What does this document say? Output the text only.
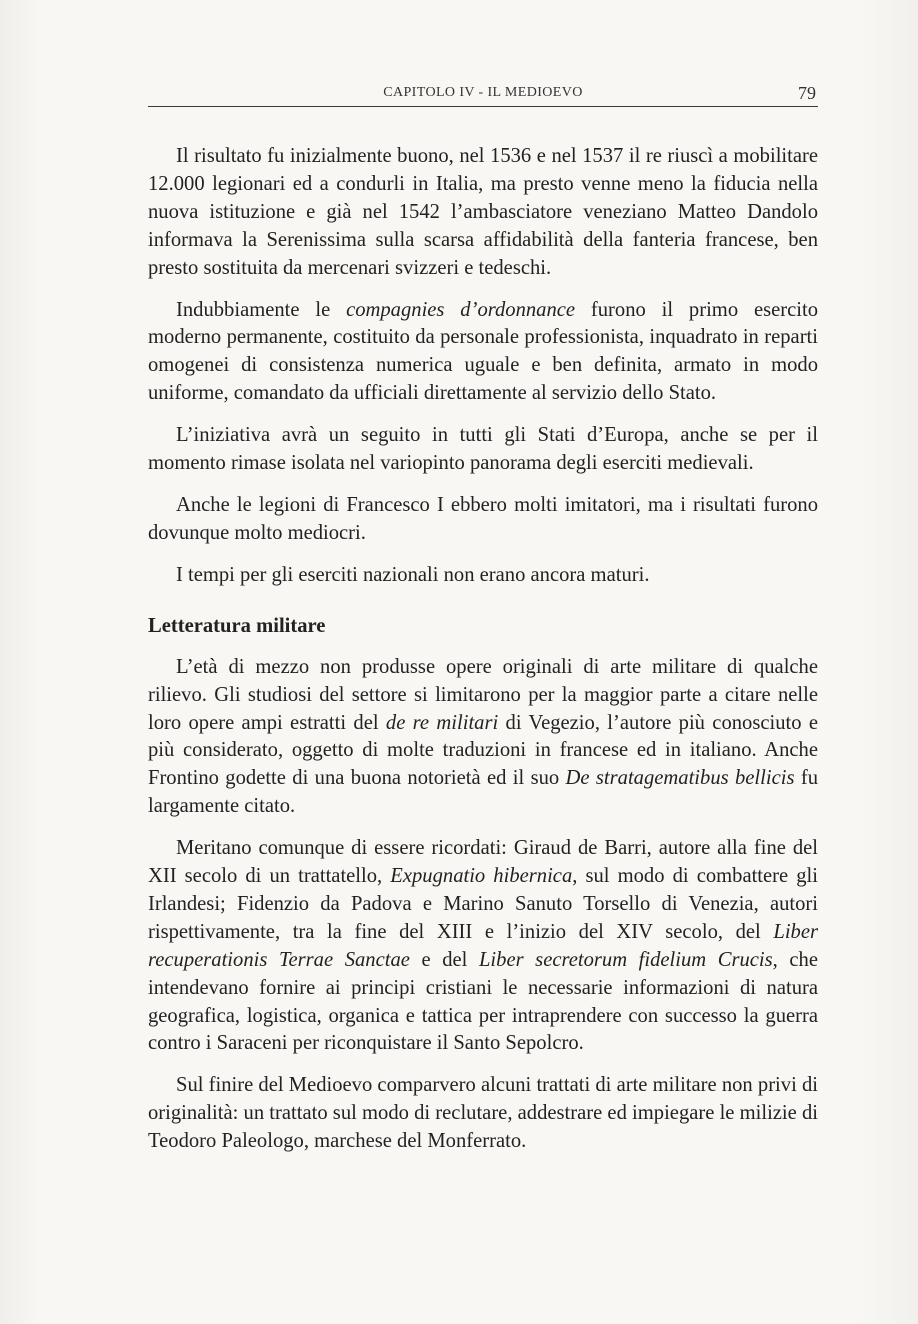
CAPITOLO IV - IL MEDIOEVO	79

Il risultato fu inizialmente buono, nel 1536 e nel 1537 il re riuscì a mobilitare 12.000 legionari ed a condurli in Italia, ma presto venne meno la fiducia nella nuova istituzione e già nel 1542 l’ambasciatore veneziano Matteo Dandolo informava la Serenissima sulla scarsa affidabilità della fanteria francese, ben presto sostituita da mercenari svizzeri e tedeschi.

Indubbiamente le compagnies d’ordonnance furono il primo esercito moderno permanente, costituito da personale professionista, inquadrato in reparti omogenei di consistenza numerica uguale e ben definita, armato in modo uniforme, comandato da ufficiali direttamente al servizio dello Stato.

L’iniziativa avrà un seguito in tutti gli Stati d’Europa, anche se per il momento rimase isolata nel variopinto panorama degli eserciti medievali.

Anche le legioni di Francesco I ebbero molti imitatori, ma i risultati furono dovunque molto mediocri.

I tempi per gli eserciti nazionali non erano ancora maturi.

Letteratura militare

L’età di mezzo non produsse opere originali di arte militare di qualche rilievo. Gli studiosi del settore si limitarono per la maggior parte a citare nelle loro opere ampi estratti del de re militari di Vegezio, l’autore più conosciuto e più considerato, oggetto di molte traduzioni in francese ed in italiano. Anche Frontino godette di una buona notorietà ed il suo De stratagematibus bellicis fu largamente citato.

Meritano comunque di essere ricordati: Giraud de Barri, autore alla fine del XII secolo di un trattatello, Expugnatio hibernica, sul modo di combattere gli Irlandesi; Fidenzio da Padova e Marino Sanuto Torsello di Venezia, autori rispettivamente, tra la fine del XIII e l’inizio del XIV secolo, del Liber recuperationis Terrae Sanctae e del Liber secretorum fidelium Crucis, che intendevano fornire ai principi cristiani le necessarie informazioni di natura geografica, logistica, organica e tattica per intraprendere con successo la guerra contro i Saraceni per riconquistare il Santo Sepolcro.

Sul finire del Medioevo comparvero alcuni trattati di arte militare non privi di originalità: un trattato sul modo di reclutare, addestrare ed impiegare le milizie di Teodoro Paleologo, marchese del Monferrato.
